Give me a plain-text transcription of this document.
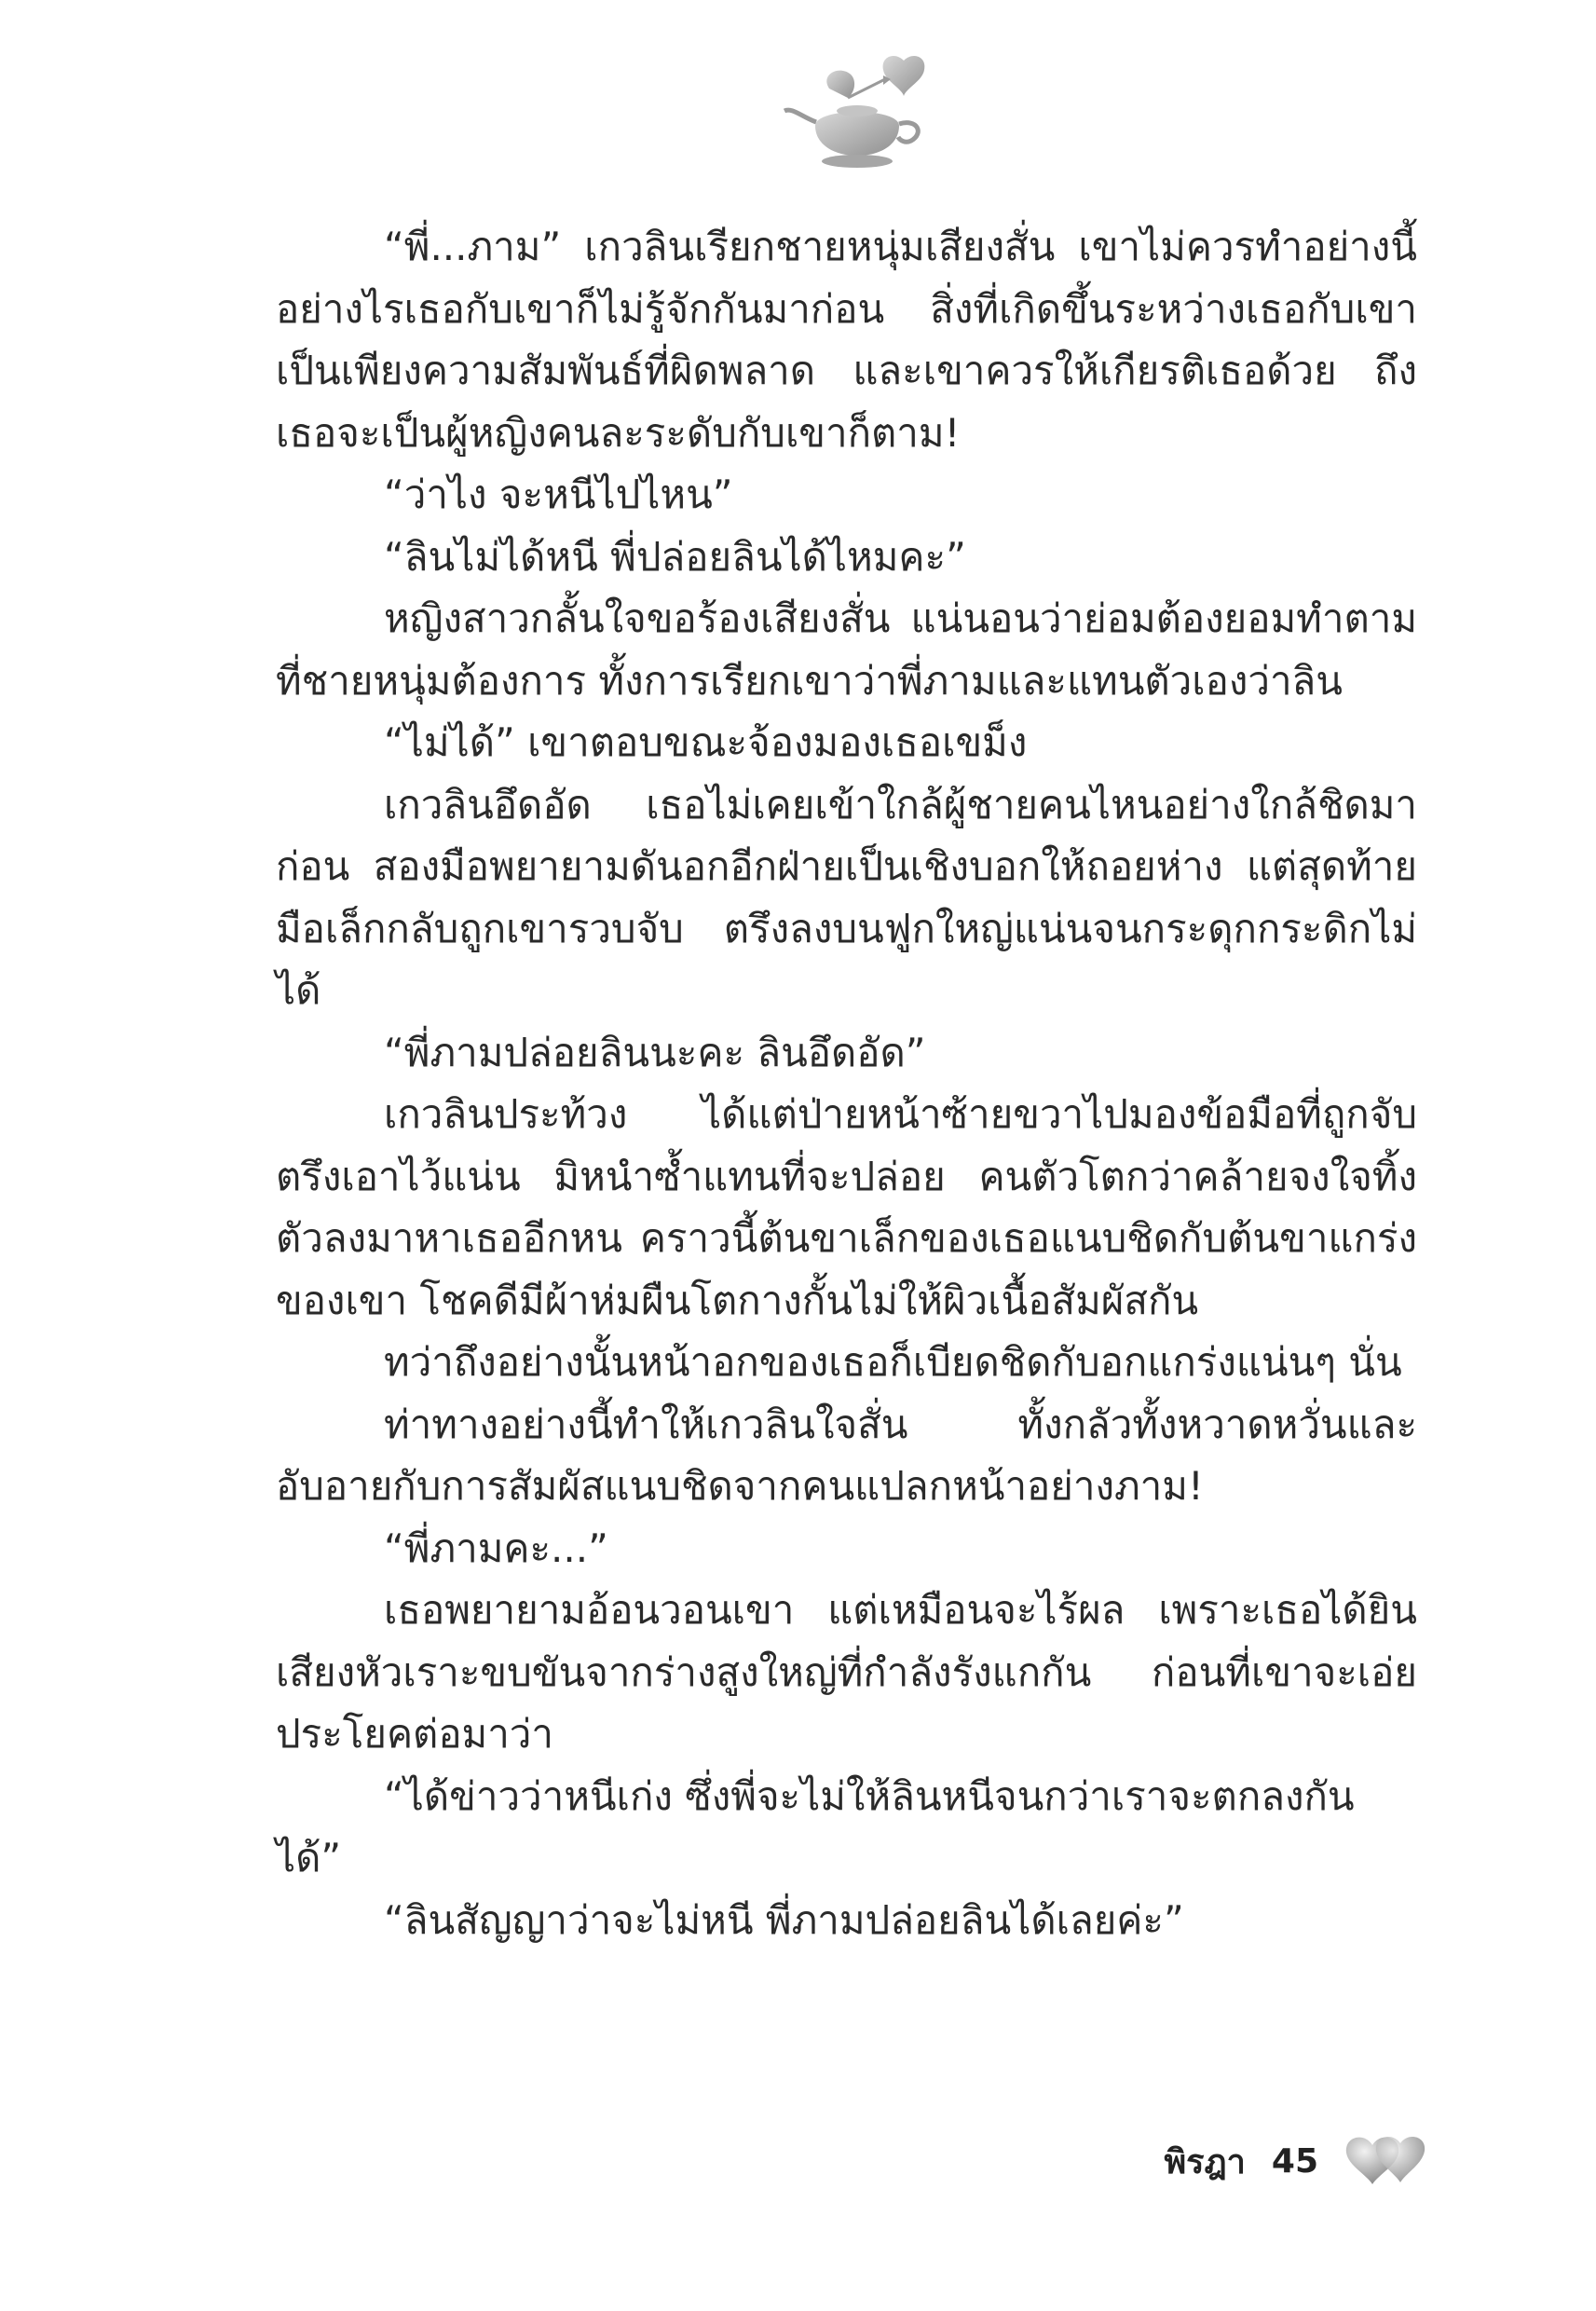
“พี่...ภาม” เกวลินเรียกชายหนุ่มเสียงสั่น เขาไม่ควรทำอย่างนี้ อย่างไรเธอกับเขาก็ไม่รู้จักกันมาก่อน สิ่งที่เกิดขึ้นระหว่างเธอกับเขาเป็นเพียงความสัมพันธ์ที่ผิดพลาด และเขาควรให้เกียรติเธอด้วย ถึงเธอจะเป็นผู้หญิงคนละระดับกับเขาก็ตาม!

“ว่าไง จะหนีไปไหน”

“ลินไม่ได้หนี พี่ปล่อยลินได้ไหมคะ”

หญิงสาวกลั้นใจขอร้องเสียงสั่น แน่นอนว่าย่อมต้องยอมทำตามที่ชายหนุ่มต้องการ ทั้งการเรียกเขาว่าพี่ภามและแทนตัวเองว่าลิน

“ไม่ได้” เขาตอบขณะจ้องมองเธอเขม็ง

เกวลินอึดอัด เธอไม่เคยเข้าใกล้ผู้ชายคนไหนอย่างใกล้ชิดมาก่อน สองมือพยายามดันอกอีกฝ่ายเป็นเชิงบอกให้ถอยห่าง แต่สุดท้ายมือเล็กกลับถูกเขารวบจับ ตรึงลงบนฟูกใหญ่แน่นจนกระดุกกระดิกไม่ได้

“พี่ภามปล่อยลินนะคะ ลินอึดอัด”

เกวลินประท้วง ได้แต่ป่ายหน้าซ้ายขวาไปมองข้อมือที่ถูกจับตรึงเอาไว้แน่น มิหนำซ้ำแทนที่จะปล่อย คนตัวโตกว่าคล้ายจงใจทิ้งตัวลงมาหาเธออีกหน คราวนี้ต้นขาเล็กของเธอแนบชิดกับต้นขาแกร่งของเขา โชคดีมีผ้าห่มผืนโตกางกั้นไม่ให้ผิวเนื้อสัมผัสกัน

ทว่าถึงอย่างนั้นหน้าอกของเธอก็เบียดชิดกับอกแกร่งแน่นๆ นั่น

ท่าทางอย่างนี้ทำให้เกวลินใจสั่น ทั้งกลัวทั้งหวาดหวั่นและอับอายกับการสัมผัสแนบชิดจากคนแปลกหน้าอย่างภาม!

“พี่ภามคะ...”

เธอพยายามอ้อนวอนเขา แต่เหมือนจะไร้ผล เพราะเธอได้ยินเสียงหัวเราะขบขันจากร่างสูงใหญ่ที่กำลังรังแกกัน ก่อนที่เขาจะเอ่ยประโยคต่อมาว่า

“ได้ข่าวว่าหนีเก่ง ซึ่งพี่จะไม่ให้ลินหนีจนกว่าเราจะตกลงกันได้”

“ลินสัญญาว่าจะไม่หนี พี่ภามปล่อยลินได้เลยค่ะ”

พิรฎา 45
